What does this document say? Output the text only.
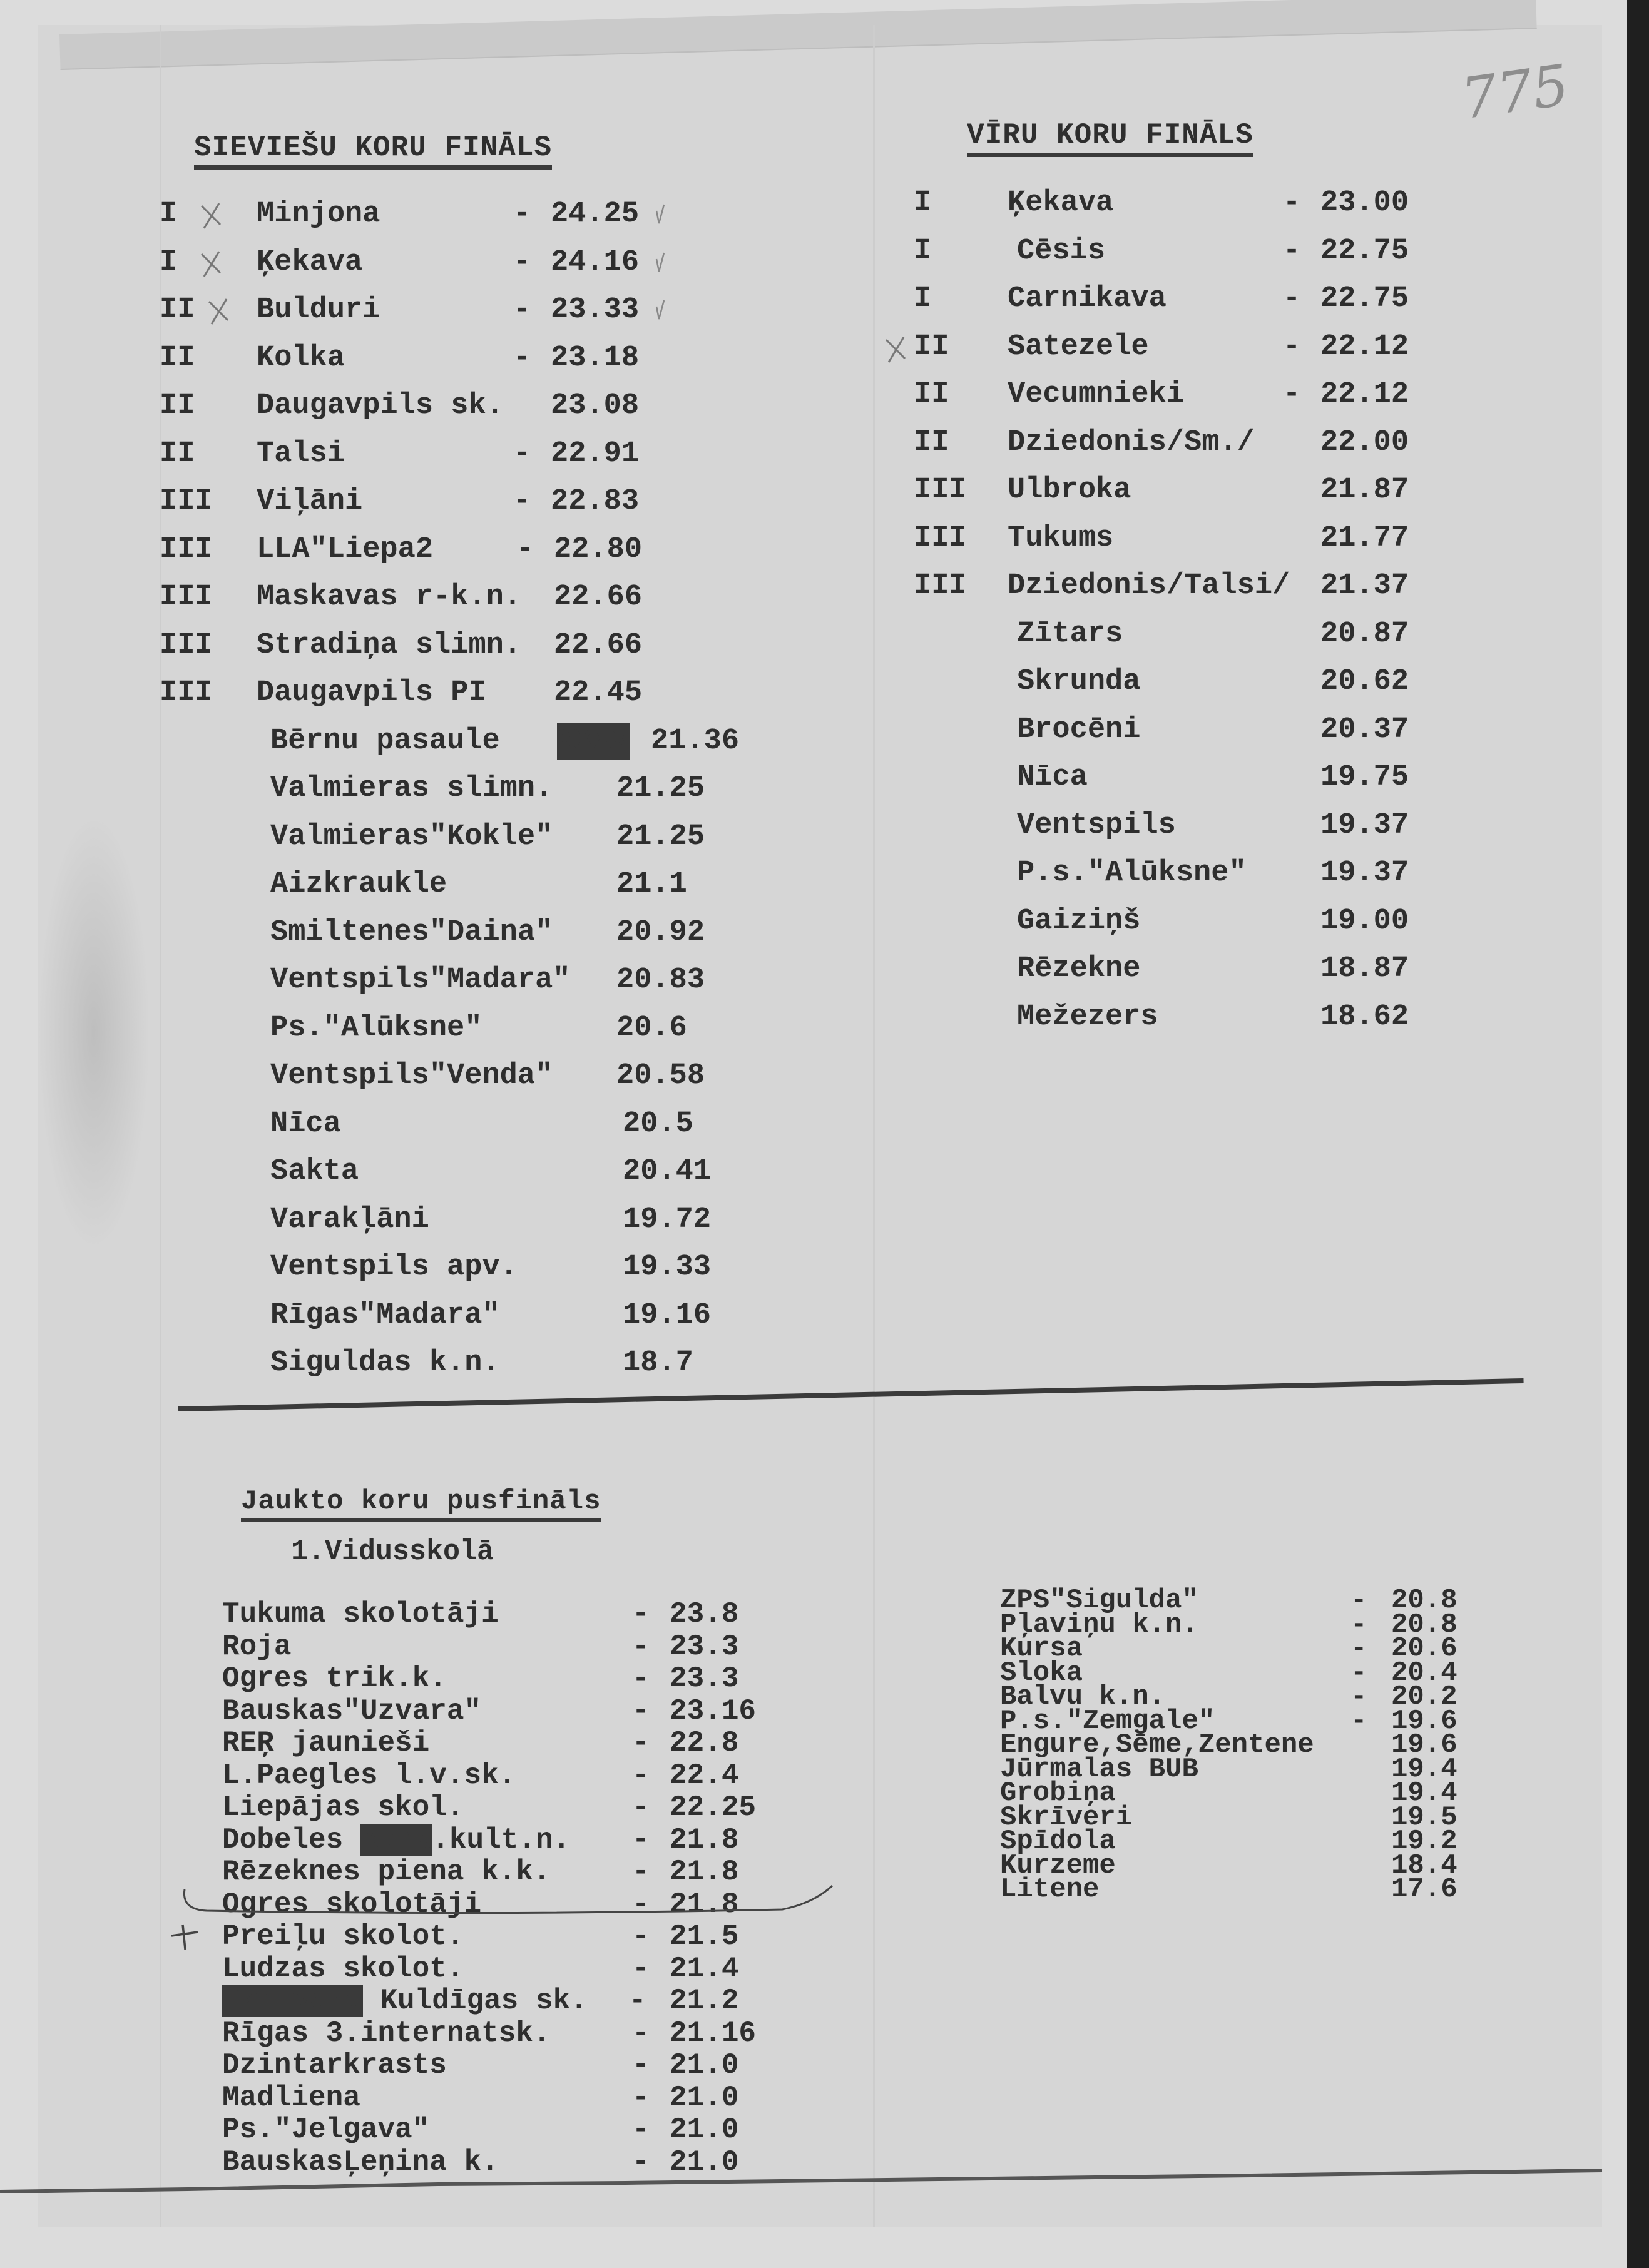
775
SIEVIEŠU KORU FINĀLS
I	Minjona	- 24.25
I	Ķekava	- 24.16
II Bulduri	- 23.33
II Kolka	- 23.18
II Daugavpils sk. 23.08
II Talsi	- 22.91
III Viļāni	- 22.83
III LLA"Liepa2	- 22.80
III Maskavas r-k.n. 22.66
III Stradiņa slimn. 22.66
III Daugavpils PI 22.45
Bērnu pasaule XXXX 21.36
Valmieras slimn. 21.25
Valmieras"Kokle" 21.25
Aizkraukle	21.1
Smiltenes"Daina" 20.92
Ventspils"Madara" 20.83
Ps."Alūksne"	20.6
Ventspils"Venda" 20.58
Nīca	20.5
Sakta	20.41
Varakļāni	19.72
Ventspils apv.	19.33
Rīgas"Madara"	19.16
Siguldas k.n.	18.7
VĪRU KORU FINĀLS
I	Ķekava	- 23.00
I	Cēsis	- 22.75
I	Carnikava	- 22.75
II Satezele	- 22.12
II Vecumnieki	- 22.12
II Dziedonis/Sm./ 22.00
III Ulbroka	21.87
III Tukums	21.77
III Dziedonis/Talsi/ 21.37
Zītars	20.87
Skrunda	20.62
Brocēni	20.37
Nīca	19.75
Ventspils	19.37
P.s."Alūksne"	19.37
Gaiziņš	19.00
Rēzekne	18.87
Mežezers	18.62
Jaukto koru pusfināls
1.Vidusskolā
Tukuma skolotāji	- 23.8
Roja	- 23.3
Ogres trik.k.	- 23.3
Bauskas"Uzvara"	- 23.16
REŖ jaunieši	- 22.8
L.Paegles l.v.sk.	- 22.4
Liepājas skol.	- 22.25
Dobeles xkmk.kult.n. - 21.8
Rēzeknes piena k.k.	- 21.8
Ogres skolotāji	- 21.8
Preiļu skolot.	- 21.5
Ludzas skolot.	- 21.4
Skrīveri Kuldīgas sk. - 21.2
Rīgas 3.internatsk.	- 21.16
Dzintarkrasts	- 21.0
Madliena	- 21.0
Ps."Jelgava"	- 21.0
BauskasĻeņina k.	- 21.0
ZPS"Sigulda"	- 20.8
Pļaviņu k.n.	- 20.8
Kursa	- 20.6
Sloka	- 20.4
Balvu k.n.	- 20.2
P.s."Zemgale"	- 19.6
Engure,Sēme,Zentene	19.6
Jūrmalas BUB	19.4
Grobiņa	19.4
Skrīveri	19.5
Spīdola	19.2
Kurzeme	18.4
Litene	17.6
